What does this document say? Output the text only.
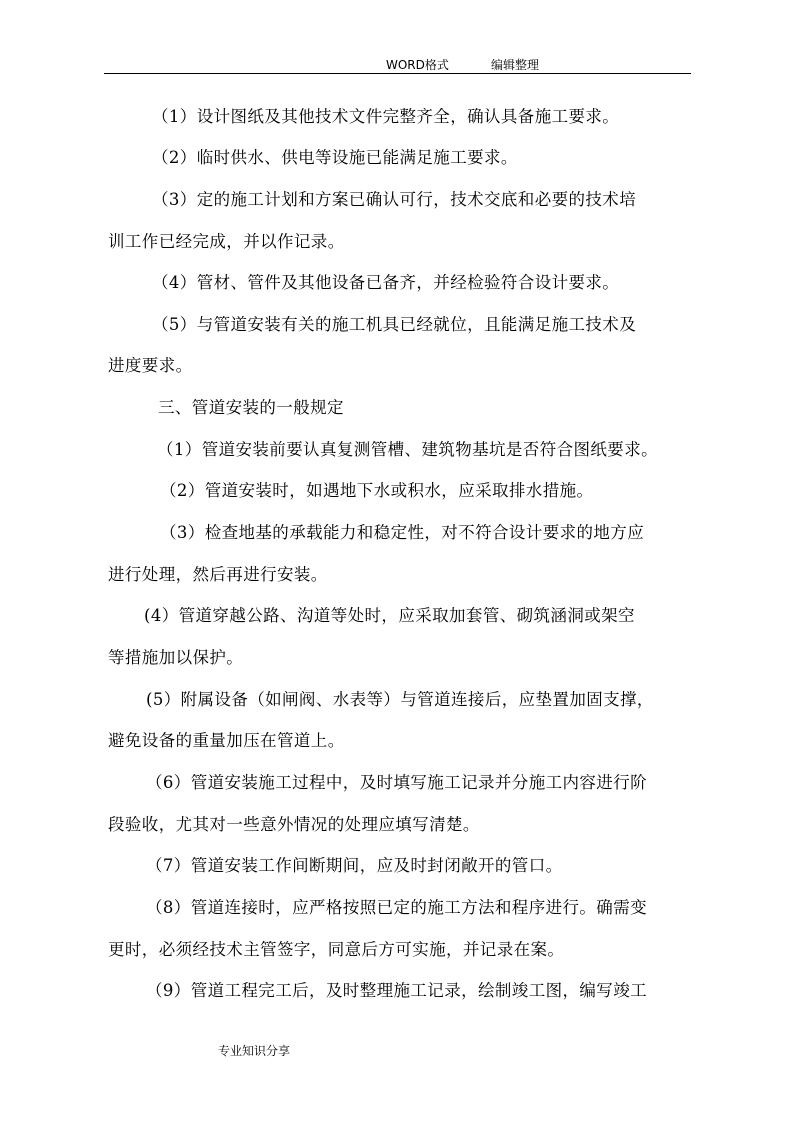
WORD格式	编辑整理
（1）设计图纸及其他技术文件完整齐全，确认具备施工要求。
（2）临时供水、供电等设施已能满足施工要求。
（3）定的施工计划和方案已确认可行，技术交底和必要的技术培
训工作已经完成，并以作记录。
（4）管材、管件及其他设备已备齐，并经检验符合设计要求。
（5）与管道安装有关的施工机具已经就位，且能满足施工技术及
进度要求。
三、管道安装的一般规定
（1）管道安装前要认真复测管槽、建筑物基坑是否符合图纸要求。
（2）管道安装时，如遇地下水或积水，应采取排水措施。
（3）检查地基的承载能力和稳定性，对不符合设计要求的地方应
进行处理，然后再进行安装。
(4）管道穿越公路、沟道等处时，应采取加套管、砌筑涵洞或架空
等措施加以保护。
(5）附属设备（如闸阀、水表等）与管道连接后，应垫置加固支撑，
避免设备的重量加压在管道上。
（6）管道安装施工过程中，及时填写施工记录并分施工内容进行阶
段验收，尤其对一些意外情况的处理应填写清楚。
（7）管道安装工作间断期间，应及时封闭敞开的管口。
（8）管道连接时，应严格按照已定的施工方法和程序进行。确需变
更时，必须经技术主管签字，同意后方可实施，并记录在案。
（9）管道工程完工后，及时整理施工记录，绘制竣工图，编写竣工
专业知识分享
